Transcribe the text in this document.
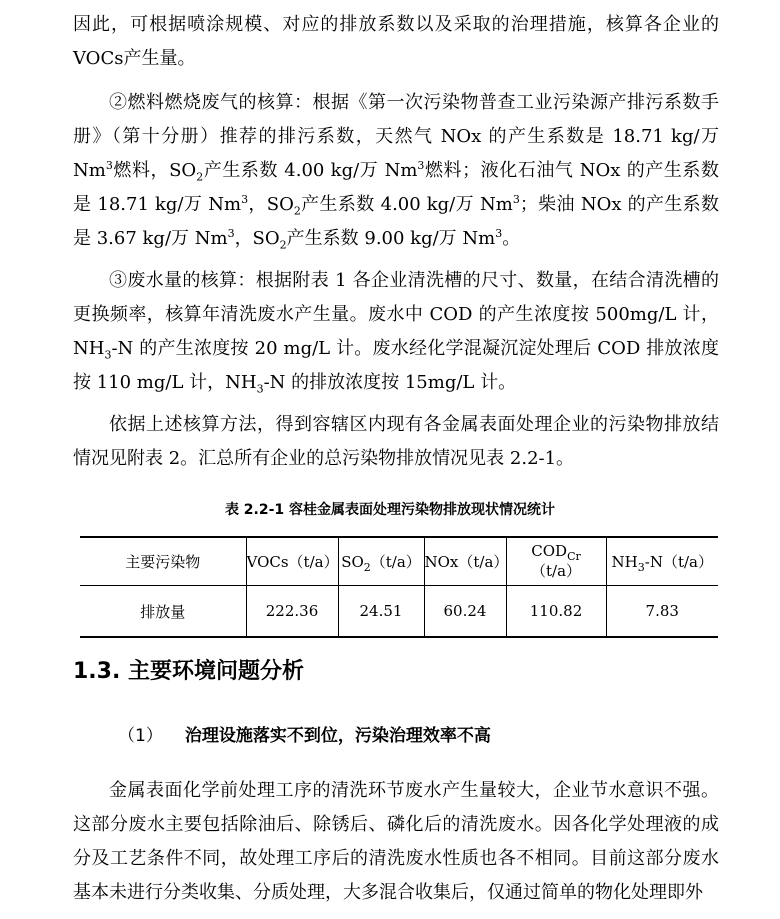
因此，可根据喷涂规模、对应的排放系数以及采取的治理措施，核算各企业的VOCs产生量。

②燃料燃烧废气的核算：根据《第一次污染物普查工业污染源产排污系数手册》（第十分册）推荐的排污系数，天然气 NOx 的产生系数是 18.71 kg/万 Nm$^3$燃料，$SO_2$产生系数 4.00 kg/万 Nm$^3$燃料；液化石油气 NOx 的产生系数是 18.71 kg/万 Nm$^3$，$SO_2$产生系数 4.00 kg/万 Nm$^3$；柴油 NOx 的产生系数是 3.67 kg/万 Nm$^3$，$SO_2$产生系数 9.00 kg/万 Nm$^3$。

③废水量的核算：根据附表 1 各企业清洗槽的尺寸、数量，在结合清洗槽的更换频率，核算年清洗废水产生量。废水中 COD 的产生浓度按 500mg/L 计，$NH_3-N$ 的产生浓度按 20 mg/L 计。废水经化学混凝沉淀处理后 COD 排放浓度按 110 mg/L 计，$NH_3-N$ 的排放浓度按 15mg/L 计。

依据上述核算方法，得到容辖区内现有各金属表面处理企业的污染物排放结情况见附表 2。汇总所有企业的总污染物排放情况见表 2.2-1。

表 2.2-1 容桂金属表面处理污染物排放现状情况统计
主要污染物	VOCs（t/a）	$SO_2(t/a)$	NOx（t/a）	$COD_{Cr}(t/a)$	$NH_3-N(t/a)$
排放量	222.36	24.51	60.24	110.82	7.83
1.3. 主要环境问题分析

（1） 治理设施落实不到位，污染治理效率不高

金属表面化学前处理工序的清洗环节废水产生量较大，企业节水意识不强。这部分废水主要包括除油后、除锈后、磷化后的清洗废水。因各化学处理液的成分及工艺条件不同，故处理工序后的清洗废水性质也各不相同。目前这部分废水基本未进行分类收集、分质处理，大多混合收集后，仅通过简单的物化处理即外
